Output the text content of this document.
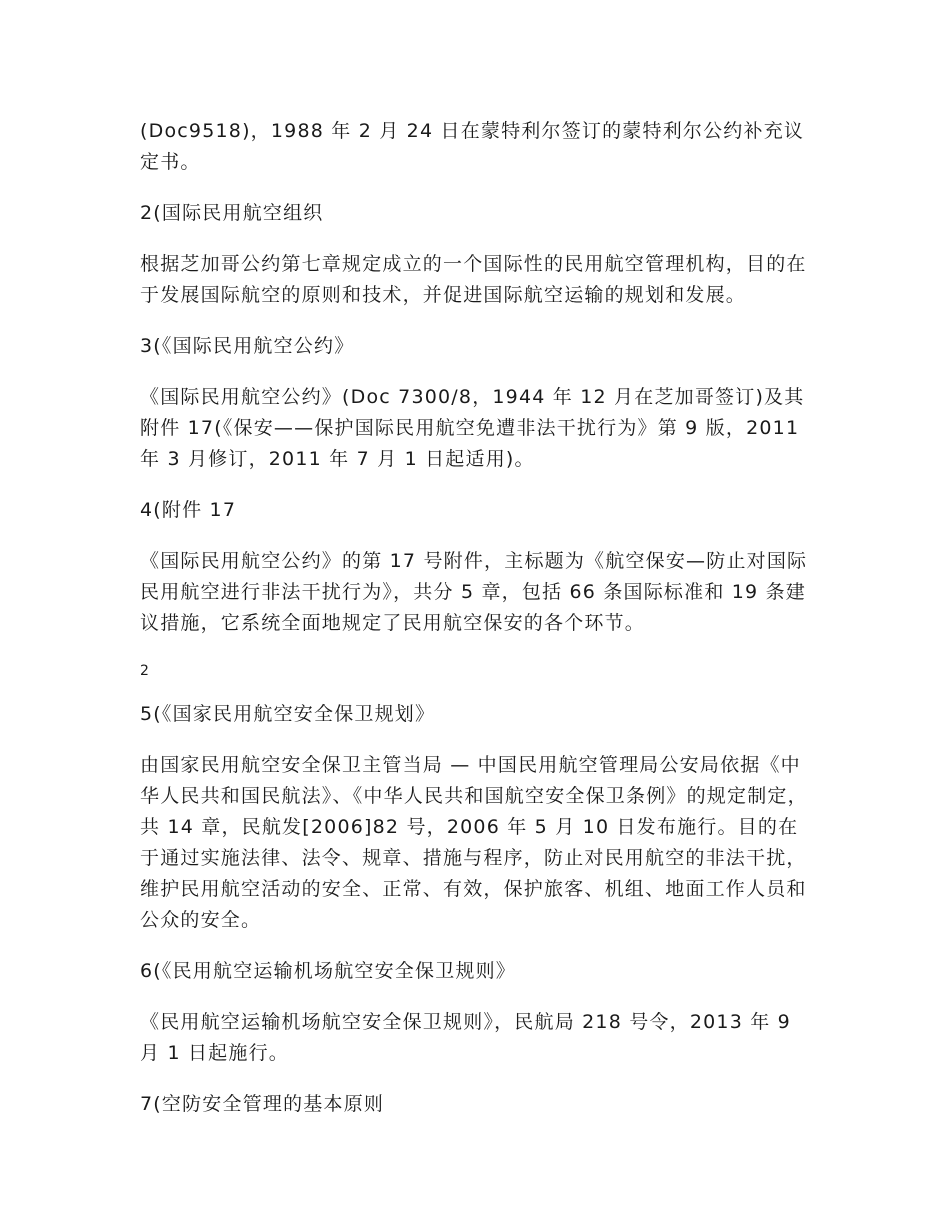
(Doc9518)，1988 年 2 月 24 日在蒙特利尔签订的蒙特利尔公约补充议定书。

2(国际民用航空组织

根据芝加哥公约第七章规定成立的一个国际性的民用航空管理机构，目的在于发展国际航空的原则和技术，并促进国际航空运输的规划和发展。

3(《国际民用航空公约》

《国际民用航空公约》(Doc 7300/8，1944 年 12 月在芝加哥签订)及其附件 17(《保安——保护国际民用航空免遭非法干扰行为》第 9 版，2011 年 3 月修订，2011 年 7 月 1 日起适用)。

4(附件 17

《国际民用航空公约》的第 17 号附件，主标题为《航空保安—防止对国际民用航空进行非法干扰行为》，共分 5 章，包括 66 条国际标准和 19 条建议措施，它系统全面地规定了民用航空保安的各个环节。

2

5(《国家民用航空安全保卫规划》

由国家民用航空安全保卫主管当局 — 中国民用航空管理局公安局依据《中华人民共和国民航法》、《中华人民共和国航空安全保卫条例》的规定制定，共 14 章，民航发[2006]82 号，2006 年 5 月 10 日发布施行。目的在于通过实施法律、法令、规章、措施与程序，防止对民用航空的非法干扰，维护民用航空活动的安全、正常、有效，保护旅客、机组、地面工作人员和公众的安全。

6(《民用航空运输机场航空安全保卫规则》

《民用航空运输机场航空安全保卫规则》，民航局 218 号令，2013 年 9 月 1 日起施行。

7(空防安全管理的基本原则
